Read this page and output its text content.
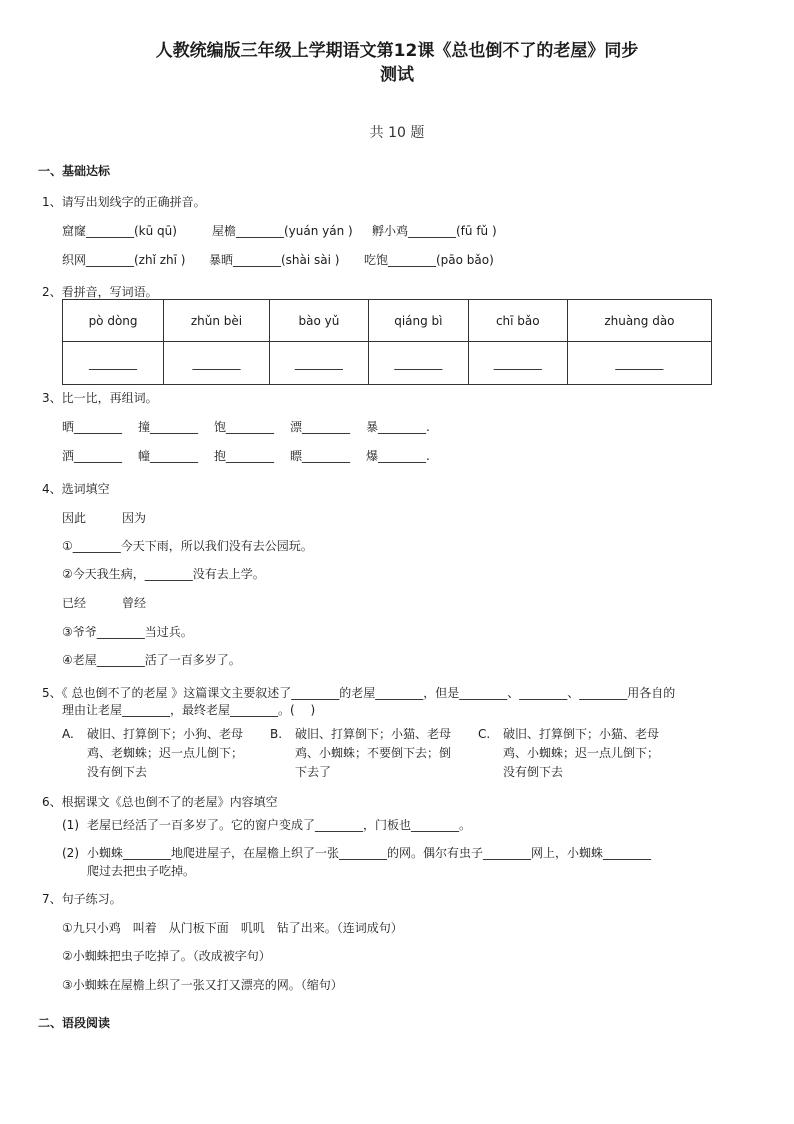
人教统编版三年级上学期语文第12课《总也倒不了的老屋》同步
测试
共 10 题
一、基础达标
1、请写出划线字的正确拼音。
窟窿________(kū qū)	屋檐________(yuán yán ) 孵小鸡________(fū fǔ )
织网________(zhǐ zhī ) 暴晒________(shài sài ) 吃饱________(pāo bǎo)
2、看拼音，写词语。
pò dòng	zhǔn bèi	bào yǔ	qiáng bì	chī bǎo	zhuàng dào
________	________	________	________	________	________
3、比一比，再组词。
晒________ 撞________ 饱________ 漂________ 暴________.
洒________ 幢________ 抱________ 瞟________ 爆________.
4、选词填空
因此　　　因为
①________今天下雨，所以我们没有去公园玩。
②今天我生病，________没有去上学。
已经　　　曾经
③爷爷________当过兵。
④老屋________活了一百多岁了。
5、《 总也倒不了的老屋 》这篇课文主要叙述了________的老屋________，但是________、________、________用各自的
理由让老屋________，最终老屋________。(　 )
A. 破旧、打算倒下；小狗、老母
鸡、老蜘蛛；迟一点儿倒下；
没有倒下去
B. 破旧、打算倒下；小猫、老母
鸡、小蜘蛛；不要倒下去；倒
下去了
C. 破旧、打算倒下；小猫、老母
鸡、小蜘蛛；迟一点儿倒下；
没有倒下去
6、根据课文《总也倒不了的老屋》内容填空
(1) 老屋已经活了一百多岁了。它的窗户变成了________，门板也________。
(2) 小蜘蛛________地爬进屋子，在屋檐上织了一张________的网。偶尔有虫子________网上，小蜘蛛________
爬过去把虫子吃掉。
7、句子练习。
①九只小鸡　叫着　从门板下面　叽叽　钻了出来。（连词成句）
②小蜘蛛把虫子吃掉了。（改成被字句）
③小蜘蛛在屋檐上织了一张又打又漂亮的网。（缩句）
二、语段阅读
